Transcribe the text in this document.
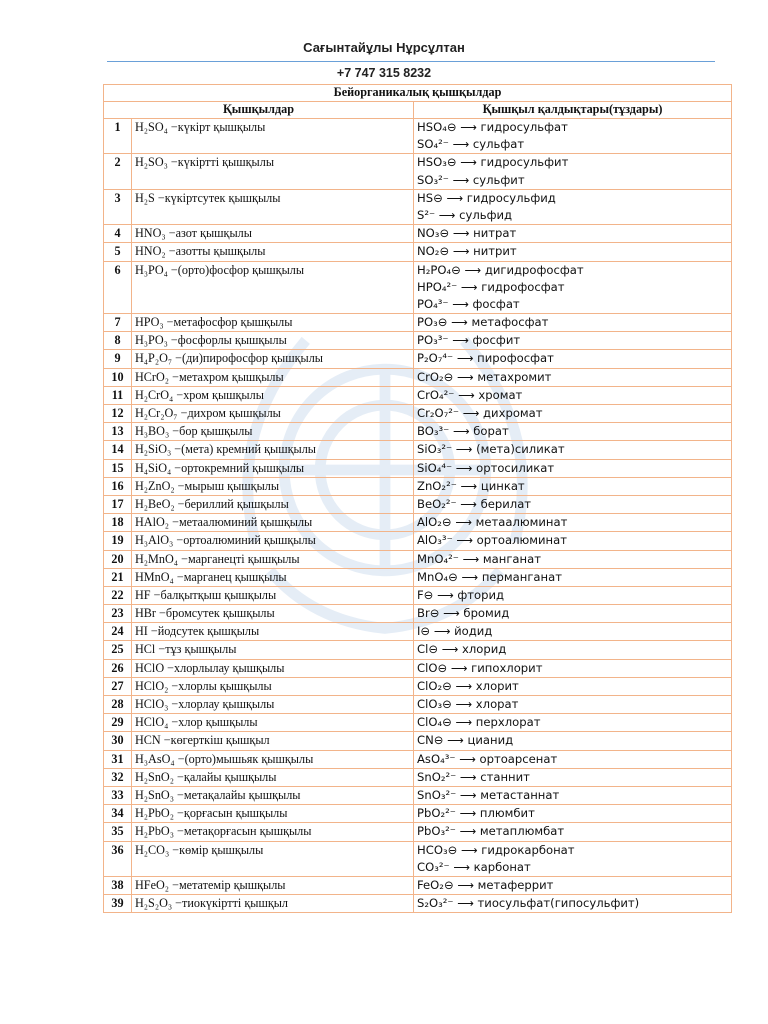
Сағынтайұлы Нұрсұлтан
+7 747 315 8232
Бейорганикалық қышқылдар		
Қышқылдар		Қышқыл қалдықтары(тұздары)
1	H₂SO₄ −күкірт қышқылы	HSO₄⊖ ⟶ гидросульфат
SO₄²⁻ ⟶ сульфат

2	H₂SO₃ −күкіртті қышқылы	HSO₃⊖ ⟶ гидросульфит
SO₃²⁻ ⟶ сульфит

3	H₂S −күкіртсутек қышқылы	HS⊖ ⟶ гидросульфид
S²⁻ ⟶ сульфид

4	HNO₃ −азот қышқылы	NO₃⊖ ⟶ нитрат

5	HNO₂ −азотты қышқылы	NO₂⊖ ⟶ нитрит

6	H₃PO₄ −(орто)фосфор қышқылы	H₂PO₄⊖ ⟶ дигидрофосфат
HPO₄²⁻ ⟶ гидрофосфат
PO₄³⁻ ⟶ фосфат

7	HPO₃ −метафосфор қышқылы	PO₃⊖ ⟶ метафосфат

8	H₃PO₃ −фосфорлы қышқылы	PO₃³⁻ ⟶ фосфит

9	H₄P₂O₇ −(ди)пирофосфор қышқылы	P₂O₇⁴⁻ ⟶ пирофосфат

10	HCrO₂ −метахром қышқылы	CrO₂⊖ ⟶ метахромит

11	H₂CrO₄ −хром қышқылы	CrO₄²⁻ ⟶ хромат

12	H₂Cr₂O₇ −дихром қышқылы	Cr₂O₇²⁻ ⟶ дихромат

13	H₃BO₃ −бор қышқылы	BO₃³⁻ ⟶ борат

14	H₂SiO₃ −(мета) кремний қышқылы	SiO₃²⁻ ⟶ (мета)силикат

15	H₄SiO₄ −ортокремний қышқылы	SiO₄⁴⁻ ⟶ ортосиликат

16	H₂ZnO₂ −мырыш қышқылы	ZnO₂²⁻ ⟶ цинкат

17	H₂BeO₂ −бериллий қышқылы	BeO₂²⁻ ⟶ берилат

18	HAlO₂ −метаалюминий қышқылы	AlO₂⊖ ⟶ метаалюминат

19	H₃AlO₃ −ортоалюминий қышқылы	AlO₃³⁻ ⟶ ортоалюминат

20	H₂MnO₄ −марганецті қышқылы	MnO₄²⁻ ⟶ манганат

21	HMnO₄ −марганец қышқылы	MnO₄⊖ ⟶ перманганат

22	HF −балқытқыш қышқылы	F⊖ ⟶ фторид

23	HBr −бромсутек қышқылы	Br⊖ ⟶ бромид

24	HI −йодсутек қышқылы	I⊖ ⟶ йодид

25	HCl −тұз қышқылы	Cl⊖ ⟶ хлорид

26	HClO −хлорлылау қышқылы	ClO⊖ ⟶ гипохлорит

27	HClO₂ −хлорлы қышқылы	ClO₂⊖ ⟶ хлорит

28	HClO₃ −хлорлау қышқылы	ClO₃⊖ ⟶ хлорат

29	HClO₄ −хлор қышқылы	ClO₄⊖ ⟶ перхлорат

30	HCN −көгерткіш қышқыл	CN⊖ ⟶ цианид

31	H₃AsO₄ −(орто)мышьяк қышқылы	AsO₄³⁻ ⟶ ортоарсенат

32	H₂SnO₂ −қалайы қышқылы	SnO₂²⁻ ⟶ станнит

33	H₂SnO₃ −метақалайы қышқылы	SnO₃²⁻ ⟶ метастаннат

34	H₂PbO₂ −қорғасын қышқылы	PbO₂²⁻ ⟶ плюмбит

35	H₂PbO₃ −метақорғасын қышқылы	PbO₃²⁻ ⟶ метаплюмбат

36	H₂CO₃ −көмір қышқылы	HCO₃⊖ ⟶ гидрокарбонат
CO₃²⁻ ⟶ карбонат

38	HFeO₂ −метатемір қышқылы	FeO₂⊖ ⟶ метаферрит

39	H₂S₂O₃ −тиокүкіртті қышқыл	S₂O₃²⁻ ⟶ тиосульфат(гипосульфит)
